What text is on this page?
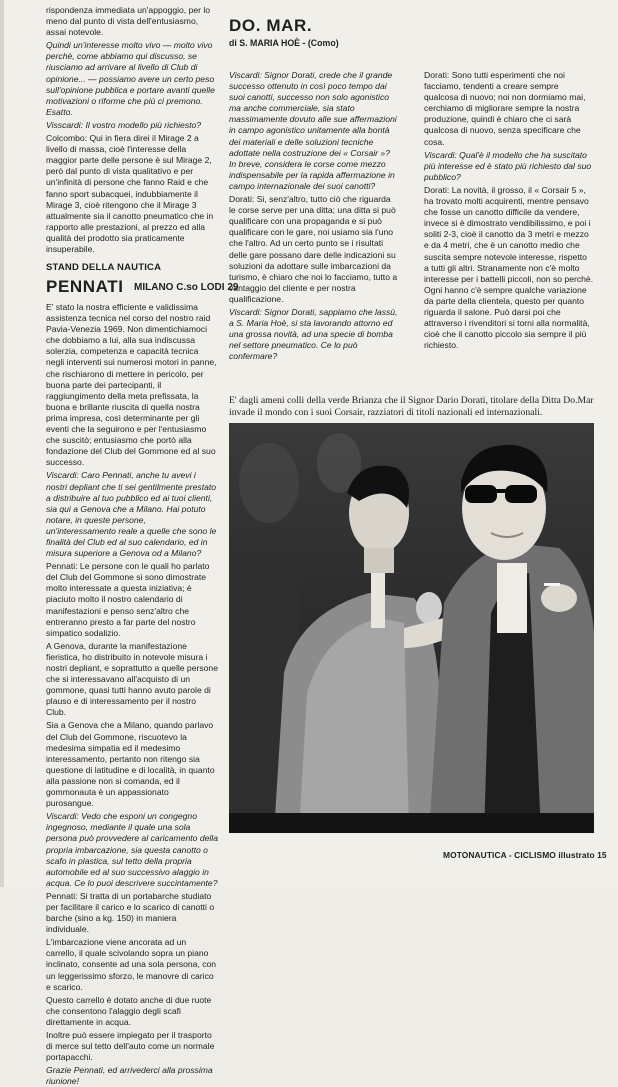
rispondenza immediata un'appoggio, per lo meno dal punto di vista dell'entusiasmo, assai notevole.

Quindi un'interesse molto vivo — molto vivo perchè, come abbiamo qui discusso, se riusciamo ad arrivare al livello di Club di opinione... — possiamo avere un certo peso sull'opinione pubblica e portare avanti quelle motivazioni o riforme che più ci premono. Esatto.

Visscardi: Il vostro modello più richiesto?

Colcombo: Qui in fiera direi il Mirage 2 a livello di massa, cioè l'interesse della maggior parte delle persone è sul Mirage 2, però dal punto di vista qualitativo e per un'infinità di persone che fanno Raid e che fanno sport subacquei, indubbiamente il Mirage 3, cioè ritengono che il Mirage 3 attualmente sia il canotto pneumatico che in rapporto alle prestazioni, al prezzo ed alla qualità del prodotto sia praticamente insuperabile.

STAND DELLA NAUTICA
PENNATI MILANO C.so LODI 29

E' stato la nostra efficiente e validissima assistenza tecnica nel corso del nostro raid Pavia-Venezia 1969. Non dimentichiamoci che dobbiamo a lui, alla sua indiscussa solerzia, competenza e capacità tecnica negli interventi sui numerosi motori in panne, che rischiarono di mettere in pericolo, per buona parte dei partecipanti, il raggiungimento della meta prefissata, la buona e brillante riuscita di quella nostra prima impresa, così determinante per gli eventi che la seguirono e per l'entusiasmo che suscitò; entusiasmo che portò alla fondazione del Club del Gommone ed al suo successo.

Viscardi: Caro Pennati, anche tu avevi i nostri depliant che ti sei gentilmente prestato a distribuire al tuo pubblico ed ai tuoi clienti, sia qui a Genova che a Milano. Hai potuto notare, in queste persone, un'interessamento reale a quelle che sono le finalità del Club ed al suo calendario, ed in misura superiore a Genova od a Milano?

Pennati: Le persone con le quali ho parlato del Club del Gommone si sono dimostrate molto interessate a questa iniziativa; è piaciuto molto il nostro calendario di manifestazioni e penso senz'altro che entreranno presto a far parte del nostro simpatico sodalizio.

A Genova, durante la manifestazione fieristica, ho distribuito in notevole misura i nostri depliant, e soprattutto a quelle persone che si interessavano all'acquisto di un gommone, quasi tutti hanno avuto parole di plauso e di interessamento per il nostro Club.

Sia a Genova che a Milano, quando parlavo del Club del Gommone, riscuotevo la medesima simpatia ed il medesimo interessamento, pertanto non ritengo sia questione di latitudine e di località, in quanto alla passione non si comanda, ed il gommonauta è un appassionato purosangue.

Viscardi: Vedo che esponi un congegno ingegnoso, mediante il quale una sola persona può provvedere al caricamento della propria imbarcazione, sia questa canotto o scafo in plastica, sul tetto della propria automobile ed al suo successivo alaggio in acqua. Ce lo puoi descrivere succintamente?

Pennati: Si tratta di un portabarche studiato per facilitare il carico e lo scarico di canotti o barche (sino a kg. 150) in maniera individuale.

L'imbarcazione viene ancorata ad un carrello, il quale scivolando sopra un piano inclinato, consente ad una sola persona, con un leggerissimo sforzo, le manovre di carico e scarico.

Questo carrello è dotato anche di due ruote che consentono l'alaggio degli scafi direttamente in acqua.

Inoltre può essere impiegato per il trasporto di merce sul tetto dell'auto come un normale portapacchi.

Grazie Pennati, ed arrivederci alla prossima riunione!

DO. MAR.
di S. MARIA HOÈ - (Como)

Viscardi: Signor Dorati, crede che il grande successo ottenuto in così poco tempo dai suoi canotti, successo non solo agonistico ma anche commerciale, sia stato massimamente dovuto alle sue affermazioni in campo agonistico unitamente alla bontà dei materiali e delle soluzioni tecniche adottate nella costruzione dei « Corsair »? In breve, considera le corse come mezzo indispensabile per la rapida affermazione in campo internazionale dei suoi canotti?

Dorati: Si, senz'altro, tutto ciò che riguarda le corse serve per una ditta; una ditta si può qualificare con una propaganda e si può qualificare con le gare, noi usiamo sia l'uno che l'altro. Ad un certo punto se i risultati delle gare possano dare delle indicazioni su soluzioni da adottare sulle imbarcazioni da turismo, è chiaro che noi lo facciamo, tutto a vantaggio del cliente e per nostra qualificazione.

Viscardi: Signor Dorati, sappiamo che lassù, a S. Maria Hoè, si sta lavorando attorno ed una grossa novità, ad una specie di bomba nel settore pneumatico. Ce lo può confermare?

Dorati: Sono tutti esperimenti che noi facciamo, tendenti a creare sempre qualcosa di nuovo; noi non dormiamo mai, cerchiamo di migliorare sempre la nostra produzione, quindi è chiaro che ci sarà qualcosa di nuovo, senza specificare che cosa.

Viscardi: Qual'è il modello che ha suscitato più interesse ed è stato più richiesto dal suo pubblico?

Dorati: La novità, il grosso, il « Corsair 5 », ha trovato molti acquirenti, mentre pensavo che fosse un canotto difficile da vendere, invece si è dimostrato vendibilissimo, e poi i soliti 2-3, cioè il canotto da 3 metri e mezzo e da 4 metri, che è un canotto medio che suscita sempre notevole interesse, rispetto a tutti gli altri. Stranamente non c'è molto interesse per i battelli piccoli, non so perchè. Ogni hanno c'è sempre qualche variazione da parte della clientela, questo per quanto riguarda il salone. Può darsi poi che attraverso i rivenditori si torni alla normalità, cioè che il canotto piccolo sia sempre il più richiesto.

E' dagli ameni colli della verde Brianza che il Signor Dario Dorati, titolare della Ditta Do.Mar invade il mondo con i suoi Corsair, razziatori di titoli nazionali ed internazionali.
MOTONAUTICA - CICLISMO illustrato 15
